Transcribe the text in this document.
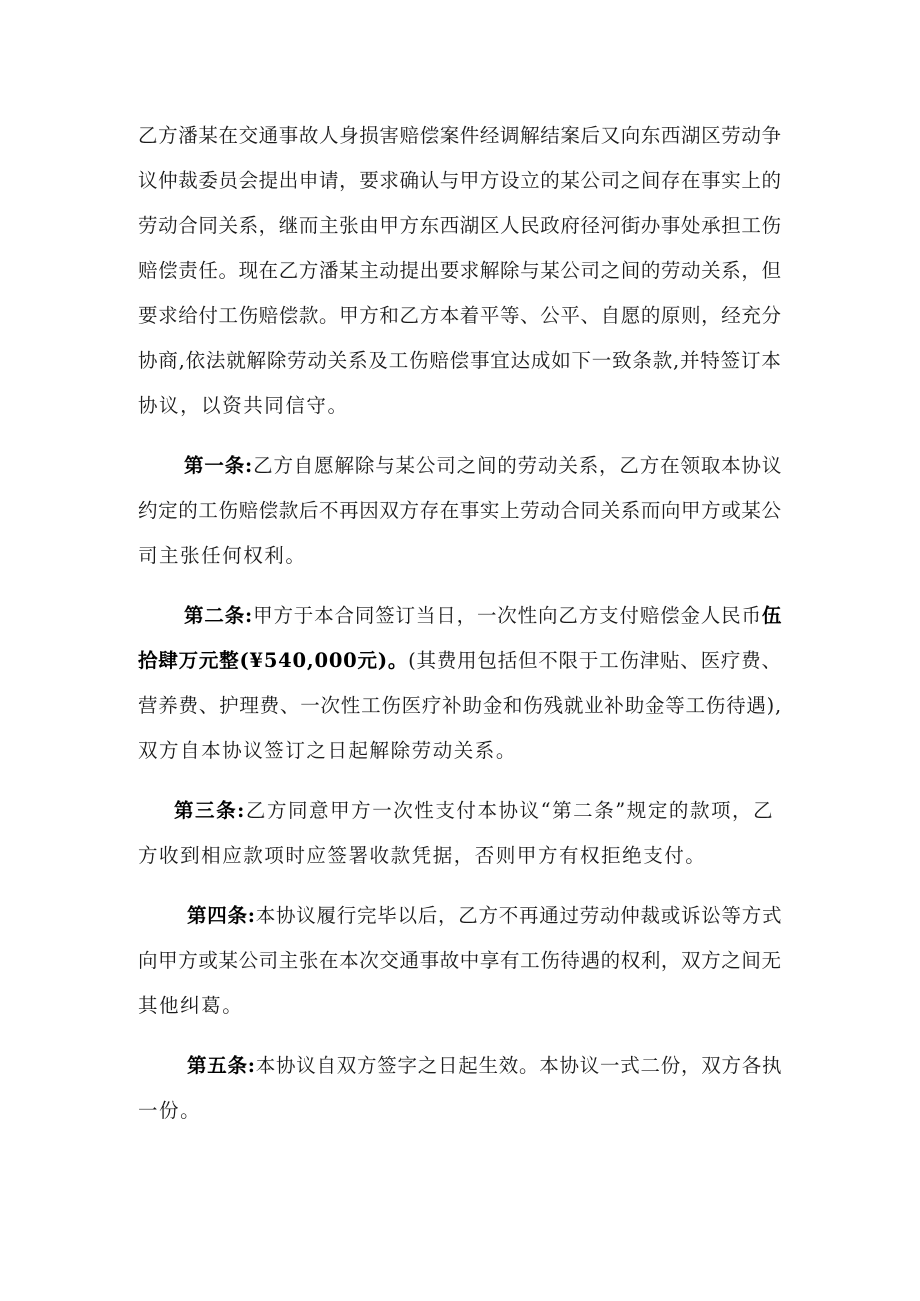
乙方潘某在交通事故人身损害赔偿案件经调解结案后又向东西湖区劳动争
议仲裁委员会提出申请，要求确认与甲方设立的某公司之间存在事实上的
劳动合同关系，继而主张由甲方东西湖区人民政府径河街办事处承担工伤
赔偿责任。现在乙方潘某主动提出要求解除与某公司之间的劳动关系，但
要求给付工伤赔偿款。甲方和乙方本着平等、公平、自愿的原则，经充分
协商,依法就解除劳动关系及工伤赔偿事宜达成如下一致条款,并特签订本
协议，以资共同信守。
第一条:乙方自愿解除与某公司之间的劳动关系，乙方在领取本协议
约定的工伤赔偿款后不再因双方存在事实上劳动合同关系而向甲方或某公
司主张任何权利。
第二条:甲方于本合同签订当日，一次性向乙方支付赔偿金人民币伍
拾肆万元整(¥540,000元)。(其费用包括但不限于工伤津贴、医疗费、
营养费、护理费、一次性工伤医疗补助金和伤残就业补助金等工伤待遇),
双方自本协议签订之日起解除劳动关系。
第三条:乙方同意甲方一次性支付本协议“第二条”规定的款项，乙
方收到相应款项时应签署收款凭据，否则甲方有权拒绝支付。
第四条:本协议履行完毕以后，乙方不再通过劳动仲裁或诉讼等方式
向甲方或某公司主张在本次交通事故中享有工伤待遇的权利，双方之间无
其他纠葛。
第五条:本协议自双方签字之日起生效。本协议一式二份，双方各执
一份。
